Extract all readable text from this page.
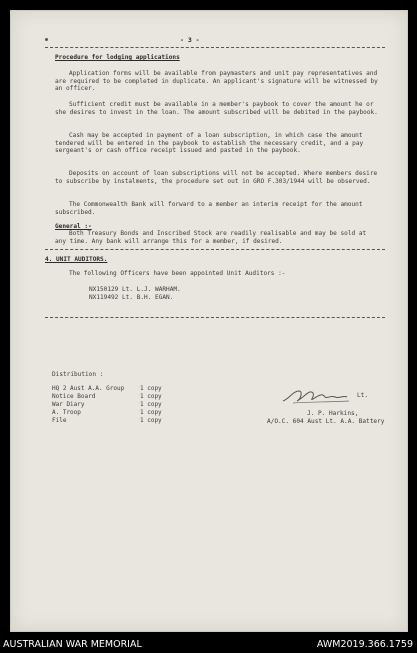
- 3 -
Procedure for lodging applications
Application forms will be available from paymasters and unit pay representatives and are required to be completed in duplicate. An applicant's signature will be witnessed by an officer.
Sufficient credit must be available in a member's paybook to cover the amount he or she desires to invest in the loan. The amount subscribed will be debited in the paybook.
Cash may be accepted in payment of a loan subscription, in which case the amount tendered will be entered in the paybook to establish the necessary credit, and a pay sergeant's or cash office receipt issued and pasted in the paybook.
Deposits on account of loan subscriptions will not be accepted. Where members desire to subscribe by instalments, the procedure set out in GRO F.303/1944 will be observed.
The Commonwealth Bank will forward to a member an interim receipt for the amount subscribed.
General :-
Both Treasury Bonds and Inscribed Stock are readily realisable and may be sold at any time. Any bank will arrange this for a member, if desired.
4. UNIT AUDITORS.
The following Officers have been appointed Unit Auditors :-
NX150129 Lt. L.J. WARHAM.
NX119492 Lt. B.H. EGAN.
Distribution :
HQ 2 Aust A.A. Group	1 copy
Notice Board	1 copy
War Diary	1 copy
A. Troop	1 copy
File	1 copy
Lt.
J. P. Harkins,
A/O.C. 604 Aust Lt. A.A. Battery
AUSTRALIAN WAR MEMORIAL	AWM2019.366.1759
